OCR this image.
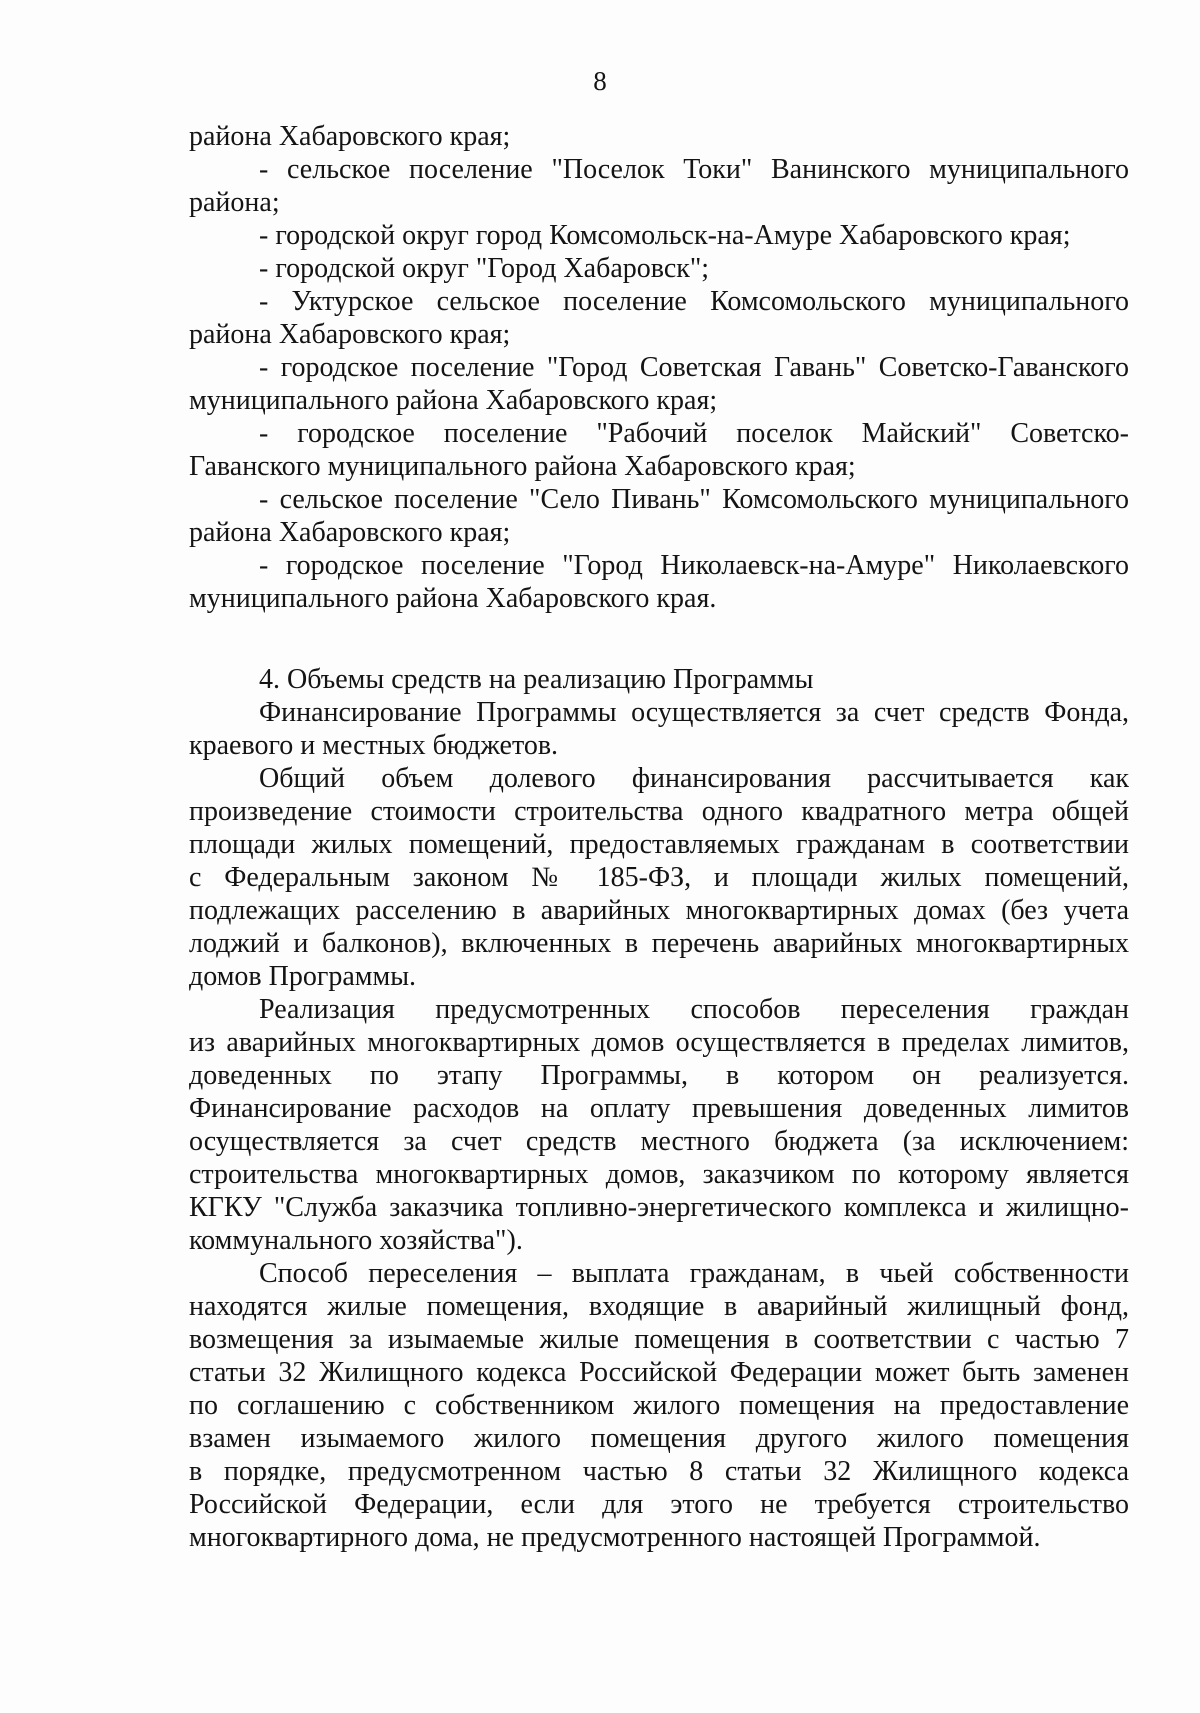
8
района Хабаровского края;
- сельское поселение "Поселок Токи" Ванинского муниципального
района;
- городской округ город Комсомольск-на-Амуре Хабаровского края;
- городской округ "Город Хабаровск";
- Уктурское сельское поселение Комсомольского муниципального
района Хабаровского края;
- городское поселение "Город Советская Гавань" Советско-Гаванского
муниципального района Хабаровского края;
- городское поселение "Рабочий поселок Майский" Советско-
Гаванского муниципального района Хабаровского края;
- сельское поселение "Село Пивань" Комсомольского муниципального
района Хабаровского края;
- городское поселение "Город Николаевск-на-Амуре" Николаевского
муниципального района Хабаровского края.
4. Объемы средств на реализацию Программы
Финансирование Программы осуществляется за счет средств Фонда,
краевого и местных бюджетов.
Общий объем долевого финансирования рассчитывается как
произведение стоимости строительства одного квадратного метра общей
площади жилых помещений, предоставляемых гражданам в соответствии
с Федеральным законом № 185-ФЗ, и площади жилых помещений,
подлежащих расселению в аварийных многоквартирных домах (без учета
лоджий и балконов), включенных в перечень аварийных многоквартирных
домов Программы.
Реализация предусмотренных способов переселения граждан
из аварийных многоквартирных домов осуществляется в пределах лимитов,
доведенных по этапу Программы, в котором он реализуется.
Финансирование расходов на оплату превышения доведенных лимитов
осуществляется за счет средств местного бюджета (за исключением:
строительства многоквартирных домов, заказчиком по которому является
КГКУ "Служба заказчика топливно-энергетического комплекса и жилищно-
коммунального хозяйства").
Способ переселения – выплата гражданам, в чьей собственности
находятся жилые помещения, входящие в аварийный жилищный фонд,
возмещения за изымаемые жилые помещения в соответствии с частью 7
статьи 32 Жилищного кодекса Российской Федерации может быть заменен
по соглашению с собственником жилого помещения на предоставление
взамен изымаемого жилого помещения другого жилого помещения
в порядке, предусмотренном частью 8 статьи 32 Жилищного кодекса
Российской Федерации, если для этого не требуется строительство
многоквартирного дома, не предусмотренного настоящей Программой.
